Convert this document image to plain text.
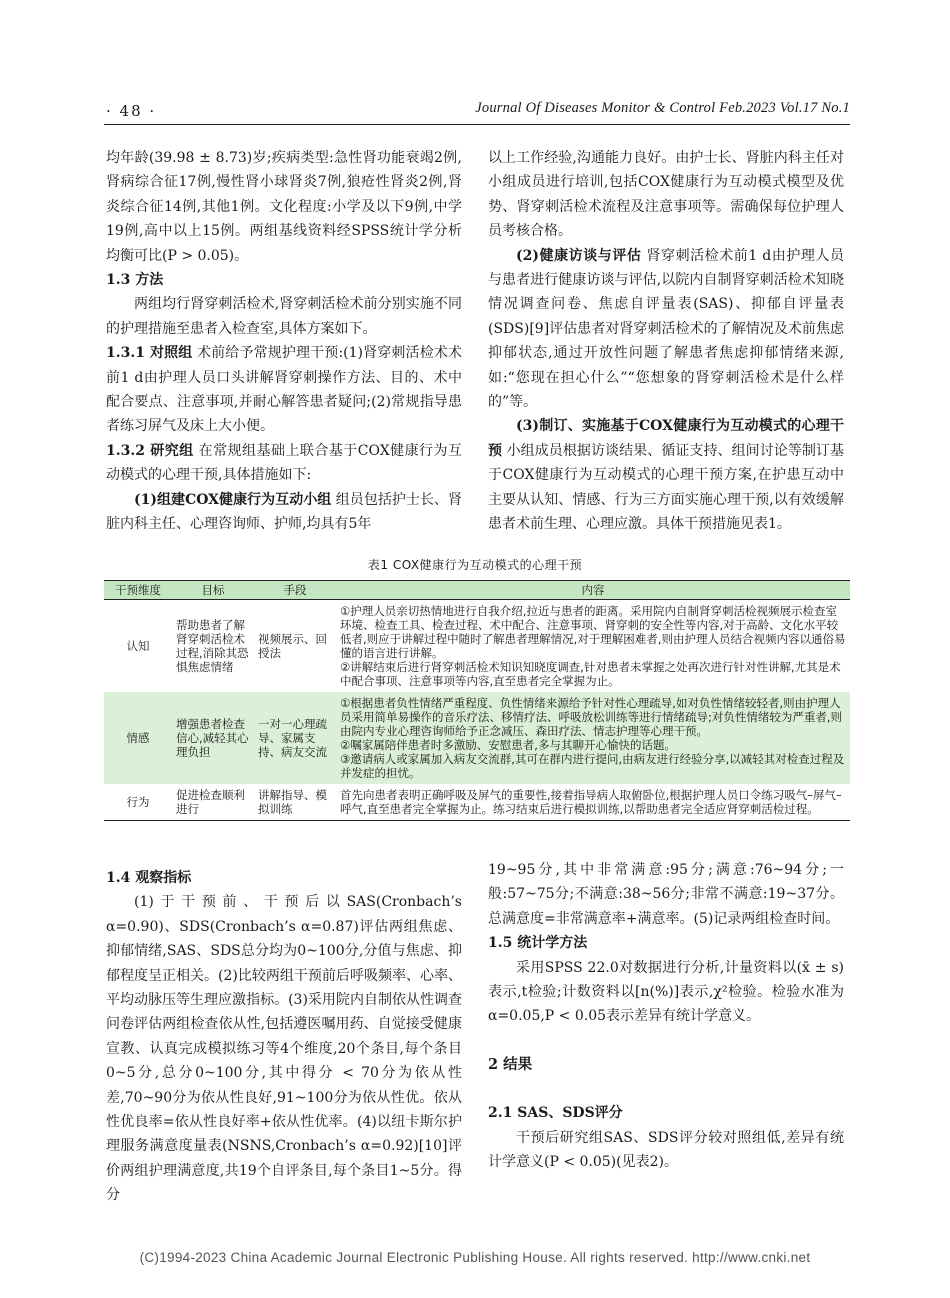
· 48 ·	Journal Of Diseases Monitor & Control Feb.2023 Vol.17 No.1

均年龄(39.98 ± 8.73)岁;疾病类型:急性肾功能衰竭2例,肾病综合征17例,慢性肾小球肾炎7例,狼疮性肾炎2例,肾炎综合征14例,其他1例。文化程度:小学及以下9例,中学19例,高中以上15例。两组基线资料经SPSS统计学分析均衡可比(P > 0.05)。

1.3 方法

两组均行肾穿刺活检术,肾穿刺活检术前分别实施不同的护理措施至患者入检查室,具体方案如下。

1.3.1 对照组 术前给予常规护理干预:(1)肾穿刺活检术术前1 d由护理人员口头讲解肾穿刺操作方法、目的、术中配合要点、注意事项,并耐心解答患者疑问;(2)常规指导患者练习屏气及床上大小便。

1.3.2 研究组 在常规组基础上联合基于COX健康行为互动模式的心理干预,具体措施如下:

(1)组建COX健康行为互动小组 组员包括护士长、肾脏内科主任、心理咨询师、护师,均具有5年

以上工作经验,沟通能力良好。由护士长、肾脏内科主任对小组成员进行培训,包括COX健康行为互动模式模型及优势、肾穿刺活检术流程及注意事项等。需确保每位护理人员考核合格。

(2)健康访谈与评估 肾穿刺活检术前1 d由护理人员与患者进行健康访谈与评估,以院内自制肾穿刺活检术知晓情况调查问卷、焦虑自评量表(SAS)、抑郁自评量表(SDS)[9]评估患者对肾穿刺活检术的了解情况及术前焦虑抑郁状态,通过开放性问题了解患者焦虑抑郁情绪来源,如:“您现在担心什么”“您想象的肾穿刺活检术是什么样的”等。

(3)制订、实施基于COX健康行为互动模式的心理干预 小组成员根据访谈结果、循证支持、组间讨论等制订基于COX健康行为互动模式的心理干预方案,在护患互动中主要从认知、情感、行为三方面实施心理干预,以有效缓解患者术前生理、心理应激。具体干预措施见表1。

表1 COX健康行为互动模式的心理干预
干预维度	目标	手段	内容
认知	帮助患者了解肾穿刺活检术过程,消除其恐惧焦虑情绪	视频展示、回授法	①护理人员亲切热情地进行自我介绍,拉近与患者的距离。采用院内自制肾穿刺活检视频展示检查室环境、检查工具、检查过程、术中配合、注意事项、肾穿刺的安全性等内容,对于高龄、文化水平较低者,则应于讲解过程中随时了解患者理解情况,对于理解困难者,则由护理人员结合视频内容以通俗易懂的语言进行讲解。
②讲解结束后进行肾穿刺活检术知识知晓度调查,针对患者未掌握之处再次进行针对性讲解,尤其是术中配合事项、注意事项等内容,直至患者完全掌握为止。

情感	增强患者检查信心,减轻其心理负担	一对一心理疏导、家属支持、病友交流	①根据患者负性情绪严重程度、负性情绪来源给予针对性心理疏导,如对负性情绪较轻者,则由护理人员采用简单易操作的音乐疗法、移情疗法、呼吸放松训练等进行情绪疏导;对负性情绪较为严重者,则由院内专业心理咨询师给予正念减压、森田疗法、情志护理等心理干预。
②嘱家属陪伴患者时多激励、安慰患者,多与其聊开心愉快的话题。
③邀请病人或家属加入病友交流群,其可在群内进行提问,由病友进行经验分享,以减轻其对检查过程及并发症的担忧。

行为	促进检查顺利进行	讲解指导、模拟训练	首先向患者表明正确呼吸及屏气的重要性,接着指导病人取俯卧位,根据护理人员口令练习吸气–屏气–呼气,直至患者完全掌握为止。练习结束后进行模拟训练,以帮助患者完全适应肾穿刺活检过程。

1.4 观察指标

(1)于干预前、干预后以SAS(Cronbach’s α=0.90)、SDS(Cronbach’s α=0.87)评估两组焦虑、抑郁情绪,SAS、SDS总分均为0~100分,分值与焦虑、抑郁程度呈正相关。(2)比较两组干预前后呼吸频率、心率、平均动脉压等生理应激指标。(3)采用院内自制依从性调查问卷评估两组检查依从性,包括遵医嘱用药、自觉接受健康宣教、认真完成模拟练习等4个维度,20个条目,每个条目0~5分,总分0~100分,其中得分 < 70分为依从性差,70~90分为依从性良好,91~100分为依从性优。依从性优良率=依从性良好率+依从性优率。(4)以纽卡斯尔护理服务满意度量表(NSNS,Cronbach’s α=0.92)[10]评价两组护理满意度,共19个自评条目,每个条目1~5分。得分

19~95分,其中非常满意:95分;满意:76~94分;一般:57~75分;不满意:38~56分;非常不满意:19~37分。总满意度=非常满意率+满意率。(5)记录两组检查时间。

1.5 统计学方法

采用SPSS 22.0对数据进行分析,计量资料以(x̄ ± s)表示,t检验;计数资料以[n(%)]表示,χ²检验。检验水准为α=0.05,P < 0.05表示差异有统计学意义。

2 结果

2.1 SAS、SDS评分

干预后研究组SAS、SDS评分较对照组低,差异有统计学意义(P < 0.05)(见表2)。

(C)1994-2023 China Academic Journal Electronic Publishing House. All rights reserved. http://www.cnki.net
